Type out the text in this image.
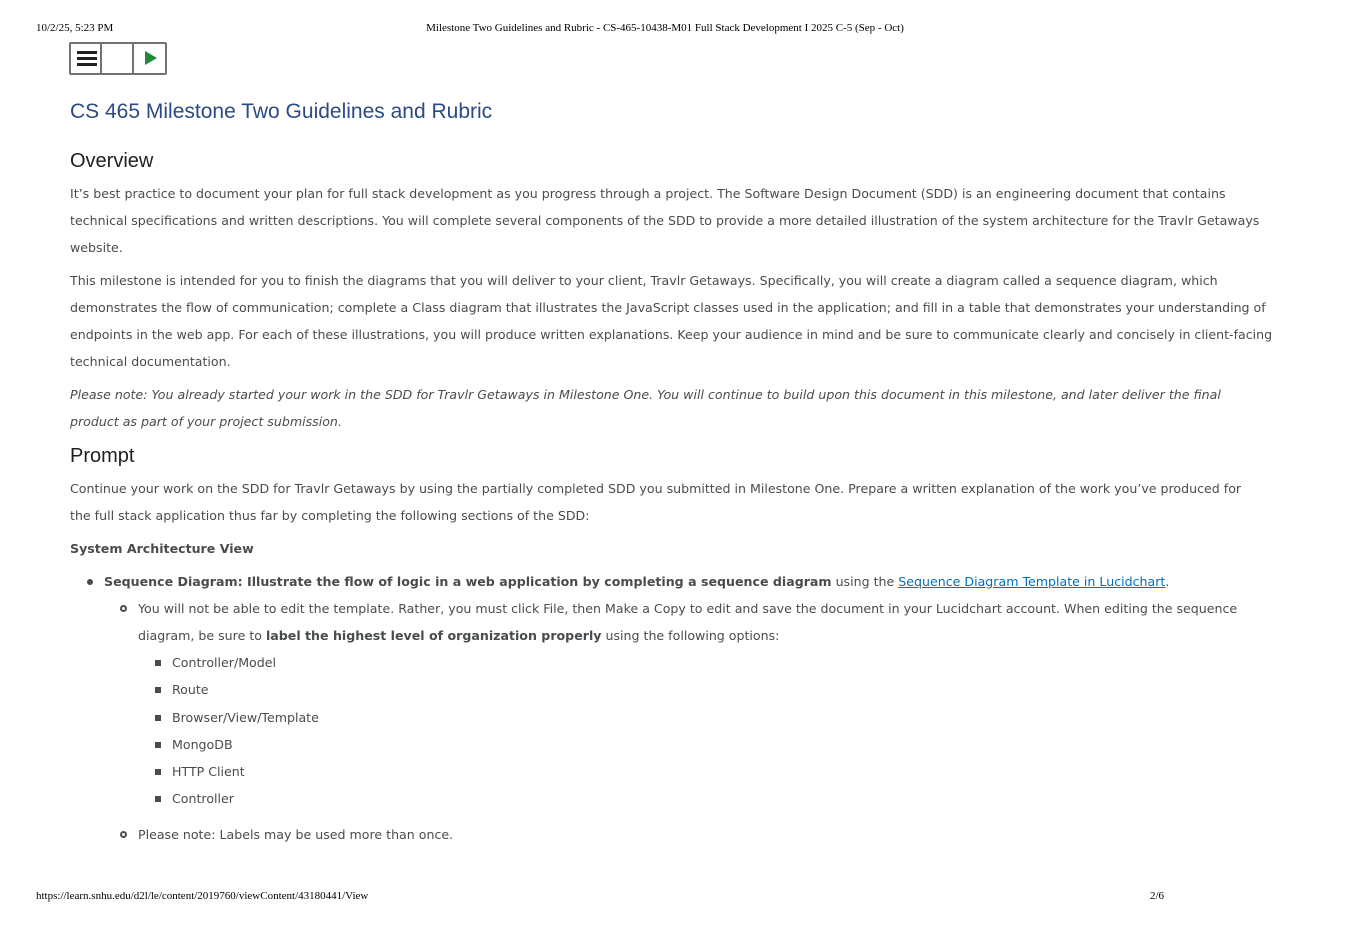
10/2/25, 5:23 PM	Milestone Two Guidelines and Rubric - CS-465-10438-M01 Full Stack Development I 2025 C-5 (Sep - Oct)
CS 465 Milestone Two Guidelines and Rubric
Overview

It’s best practice to document your plan for full stack development as you progress through a project. The Software Design Document (SDD) is an engineering document that contains
technical specifications and written descriptions. You will complete several components of the SDD to provide a more detailed illustration of the system architecture for the Travlr Getaways
website.

This milestone is intended for you to finish the diagrams that you will deliver to your client, Travlr Getaways. Specifically, you will create a diagram called a sequence diagram, which
demonstrates the flow of communication; complete a Class diagram that illustrates the JavaScript classes used in the application; and fill in a table that demonstrates your understanding of
endpoints in the web app. For each of these illustrations, you will produce written explanations. Keep your audience in mind and be sure to communicate clearly and concisely in client-facing
technical documentation.

Please note: You already started your work in the SDD for Travlr Getaways in Milestone One. You will continue to build upon this document in this milestone, and later deliver the final
product as part of your project submission.

Prompt

Continue your work on the SDD for Travlr Getaways by using the partially completed SDD you submitted in Milestone One. Prepare a written explanation of the work you’ve produced for
the full stack application thus far by completing the following sections of the SDD:

System Architecture View
Sequence Diagram: Illustrate the flow of logic in a web application by completing a sequence diagram using the Sequence Diagram Template in Lucidchart.
You will not be able to edit the template. Rather, you must click File, then Make a Copy to edit and save the document in your Lucidchart account. When editing the sequence
diagram, be sure to label the highest level of organization properly using the following options:
Controller/Model
Route
Browser/View/Template
MongoDB
HTTP Client
Controller
Please note: Labels may be used more than once.
https://learn.snhu.edu/d2l/le/content/2019760/viewContent/43180441/View	2/6
